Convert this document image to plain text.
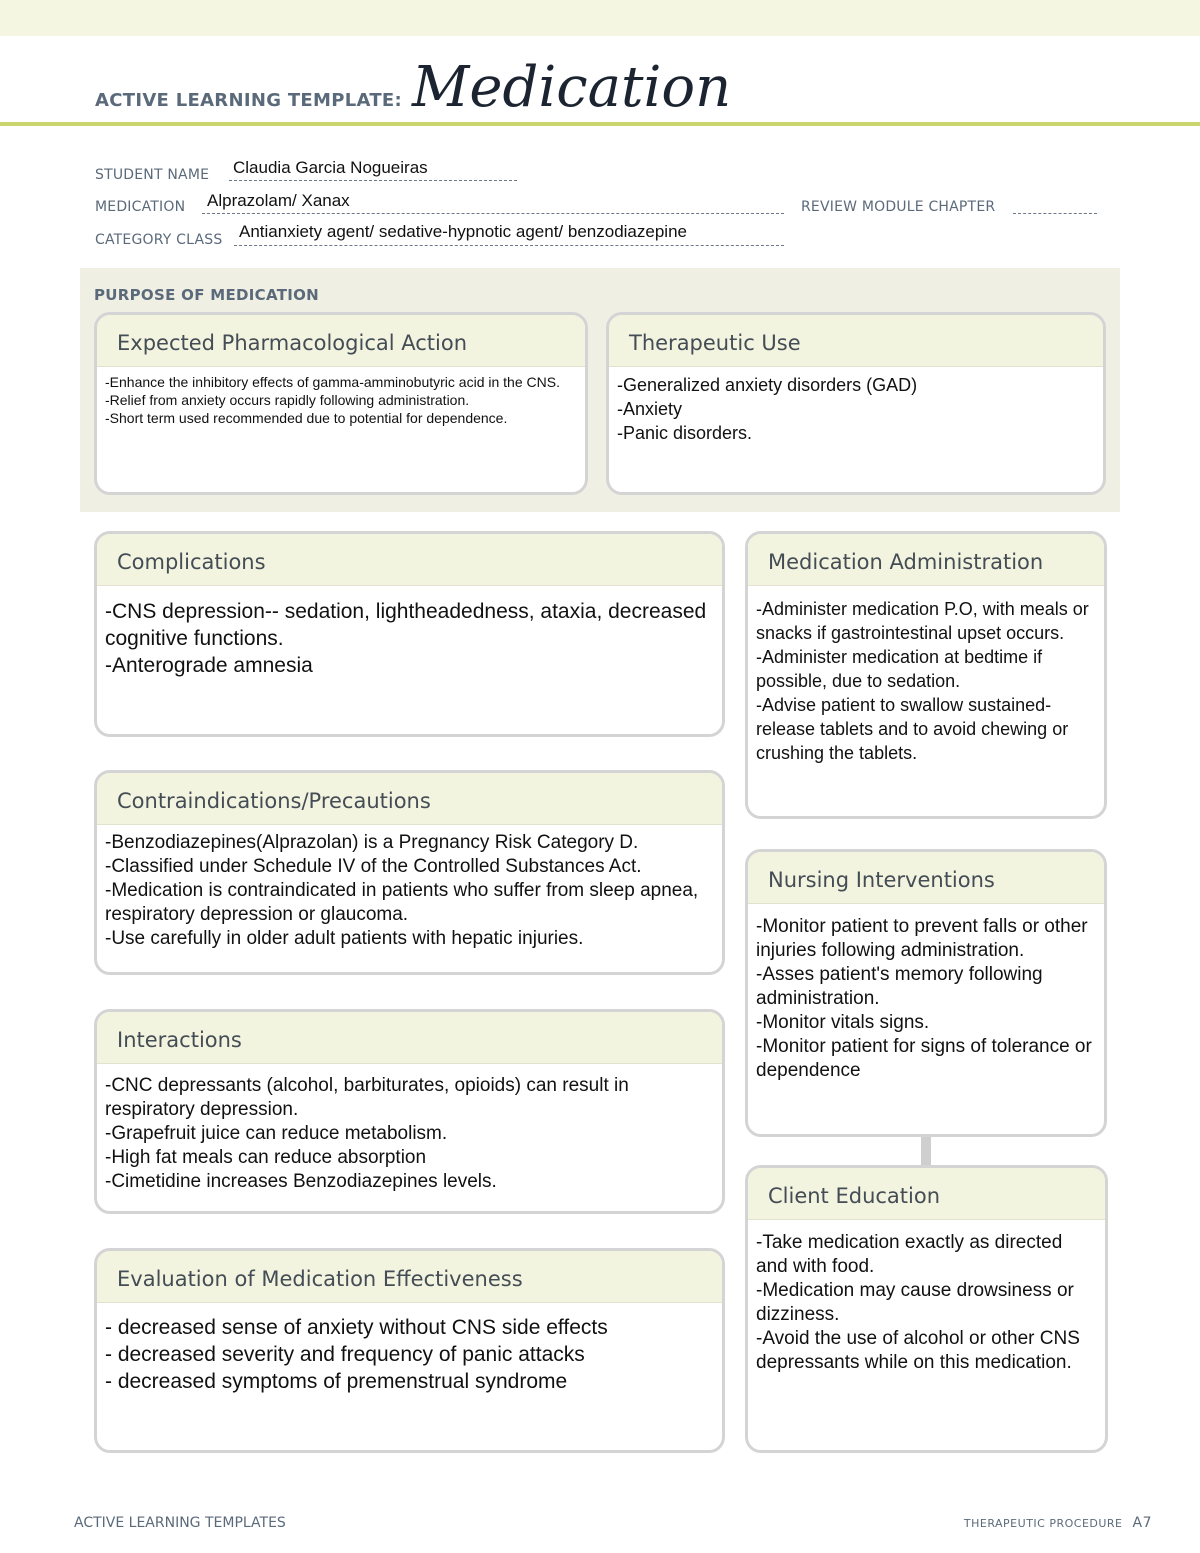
ACTIVE LEARNING TEMPLATE: Medication
STUDENT NAME Claudia Garcia Nogueiras
MEDICATION Alprazolam/ Xanax	REVIEW MODULE CHAPTER
CATEGORY CLASS Antianxiety agent/ sedative-hypnotic agent/ benzodiazepine
PURPOSE OF MEDICATION
Expected Pharmacological Action
-Enhance the inhibitory effects of gamma-amminobutyric acid in the CNS.
-Relief from anxiety occurs rapidly following administration.
-Short term used recommended due to potential for dependence.
Therapeutic Use
-Generalized anxiety disorders (GAD)
-Anxiety
-Panic disorders.
Complications
-CNS depression-- sedation, lightheadedness, ataxia, decreased cognitive functions.
-Anterograde amnesia
Contraindications/Precautions
-Benzodiazepines(Alprazolan) is a Pregnancy Risk Category D.
-Classified under Schedule IV of the Controlled Substances Act.
-Medication is contraindicated in patients who suffer from sleep apnea, respiratory depression or glaucoma.
-Use carefully in older adult patients with hepatic injuries.
Interactions
-CNC depressants (alcohol, barbiturates, opioids) can result in respiratory depression.
-Grapefruit juice can reduce metabolism.
-High fat meals can reduce absorption
-Cimetidine increases Benzodiazepines levels.
Evaluation of Medication Effectiveness
- decreased sense of anxiety without CNS side effects
- decreased severity and frequency of panic attacks
- decreased symptoms of premenstrual syndrome
Medication Administration
-Administer medication P.O, with meals or snacks if gastrointestinal upset occurs.
-Administer medication at bedtime if possible, due to sedation.
-Advise patient to swallow sustained-release tablets and to avoid chewing or crushing the tablets.
Nursing Interventions
-Monitor patient to prevent falls or other injuries following administration.
-Asses patient's memory following administration.
-Monitor vitals signs.
-Monitor patient for signs of tolerance or dependence
Client Education
-Take medication exactly as directed and with food.
-Medication may cause drowsiness or dizziness.
-Avoid the use of alcohol or other CNS depressants while on this medication.
ACTIVE LEARNING TEMPLATES	THERAPEUTIC PROCEDURE A7
